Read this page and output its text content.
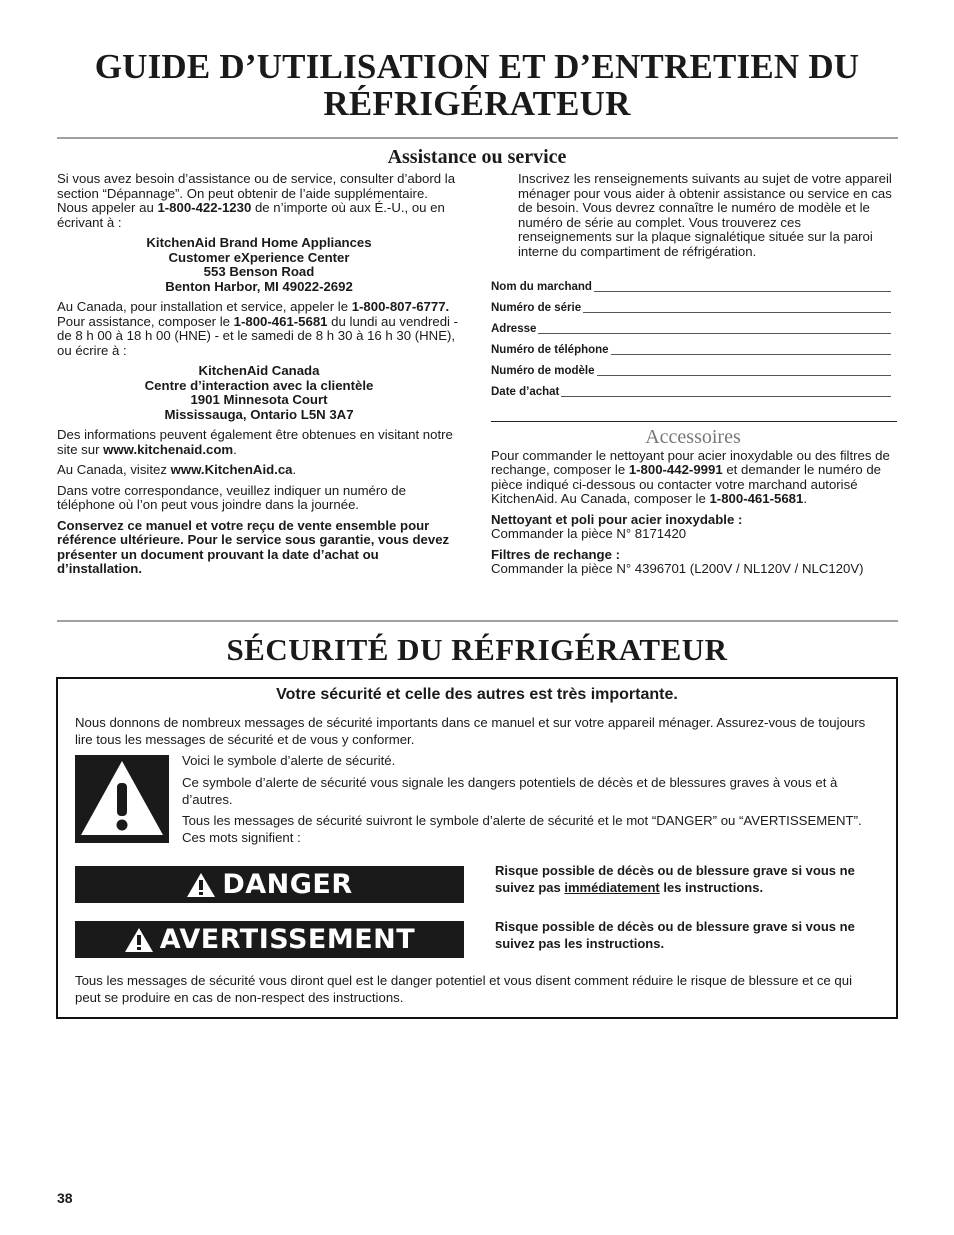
GUIDE D’UTILISATION ET D’ENTRETIEN DU
RÉFRIGÉRATEUR
Assistance ou service

Si vous avez besoin d’assistance ou de service, consulter d’abord la section “Dépannage”. On peut obtenir de l’aide supplémentaire. Nous appeler au 1-800-422-1230 de n’importe où aux É.-U., ou en écrivant à :

KitchenAid Brand Home Appliances
Customer eXperience Center
553 Benson Road
Benton Harbor, MI 49022-2692

Au Canada, pour installation et service, appeler le 1-800-807-6777. Pour assistance, composer le 1-800-461-5681 du lundi au vendredi - de 8 h 00 à 18 h 00 (HNE) - et le samedi de 8 h 30 à 16 h 30 (HNE), ou écrire à :

KitchenAid Canada
Centre d’interaction avec la clientèle
1901 Minnesota Court
Mississauga, Ontario L5N 3A7

Des informations peuvent également être obtenues en visitant notre site sur www.kitchenaid.com.

Au Canada, visitez www.KitchenAid.ca.

Dans votre correspondance, veuillez indiquer un numéro de téléphone où l’on peut vous joindre dans la journée.

Conservez ce manuel et votre reçu de vente ensemble pour référence ultérieure. Pour le service sous garantie, vous devez présenter un document prouvant la date d’achat ou d’installation.

Inscrivez les renseignements suivants au sujet de votre appareil ménager pour vous aider à obtenir assistance ou service en cas de besoin. Vous devrez connaître le numéro de modèle et le numéro de série au complet. Vous trouverez ces renseignements sur la plaque signalétique située sur la paroi interne du compartiment de réfrigération.

Nom du marchand
Numéro de série
Adresse
Numéro de téléphone
Numéro de modèle
Date d’achat
Accessoires

Pour commander le nettoyant pour acier inoxydable ou des filtres de rechange, composer le 1-800-442-9991 et demander le numéro de pièce indiqué ci-dessous ou contacter votre marchand autorisé KitchenAid. Au Canada, composer le 1-800-461-5681.

Nettoyant et poli pour acier inoxydable :
Commander la pièce N° 8171420

Filtres de rechange :
Commander la pièce N° 4396701 (L200V / NL120V / NLC120V)

SÉCURITÉ DU RÉFRIGÉRATEUR
Votre sécurité et celle des autres est très importante.
Nous donnons de nombreux messages de sécurité importants dans ce manuel et sur votre appareil ménager. Assurez-vous de toujours lire tous les messages de sécurité et de vous y conformer.
Voici le symbole d’alerte de sécurité.
Ce symbole d’alerte de sécurité vous signale les dangers potentiels de décès et de blessures graves à vous et à d’autres.
Tous les messages de sécurité suivront le symbole d’alerte de sécurité et le mot “DANGER” ou “AVERTISSEMENT”. Ces mots signifient :
DANGER	Risque possible de décès ou de blessure grave si vous ne suivez pas immédiatement les instructions.
AVERTISSEMENT	Risque possible de décès ou de blessure grave si vous ne suivez pas les instructions.
Tous les messages de sécurité vous diront quel est le danger potentiel et vous disent comment réduire le risque de blessure et ce qui peut se produire en cas de non-respect des instructions.
38
